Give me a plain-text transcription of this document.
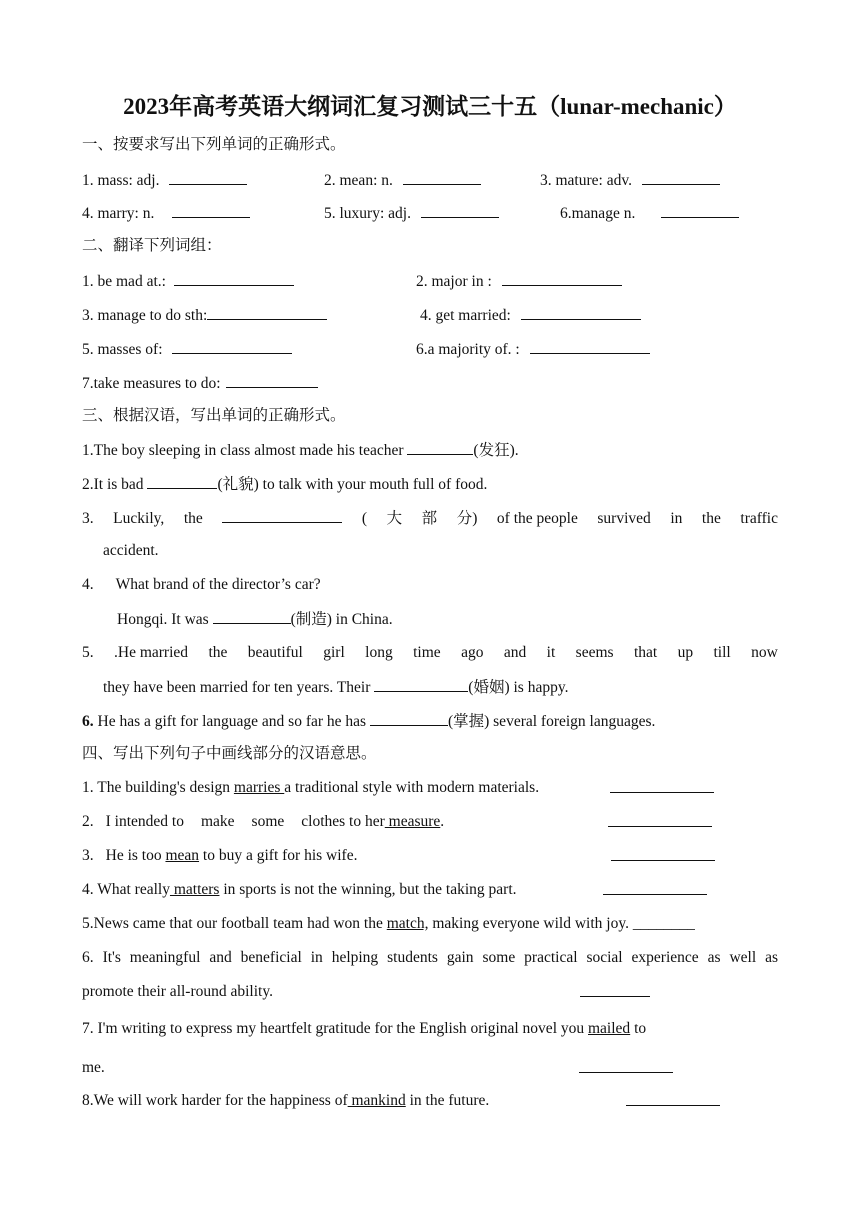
2023年高考英语大纲词汇复习测试三十五（lunar-mechanic）
一、按要求写出下列单词的正确形式。
1. mass: adj.	2. mean: n.	3. mature: adv.
4. marry: n.	5. luxury: adj.	6.manage n.
二、翻译下列词组：
1. be mad at.:	2. major in :
3. manage to do sth:	4. get married:
5. masses of:	6.a majority of. :
7.take measures to do:
三、根据汉语，写出单词的正确形式。
1.The boy sleeping in class almost made his teacher	(发狂).
2.It is bad	(礼貌) to talk with your mouth full of food.
3. Luckily, the	( 大 部 分) of the people survived in the traffic
accident.
4. What brand of the director’s car?
Hongqi. It was	(制造) in China.
5. .He married the beautiful girl long time ago and it seems that up till now
they have been married for ten years. Their	(婚姻) is happy.
6. He has a gift for language and so far he has	(掌握) several foreign languages.
四、写出下列句子中画线部分的汉语意思。
1. The building's design marries a traditional style with modern materials.
2. I intended to make some clothes to her measure .
3. He is too mean to buy a gift for his wife.
4. What really matters in sports is not the winning, but the taking part.
5.News came that our football team had won the match, making everyone wild with joy. ________
6. It's meaningful and beneficial in helping students gain some practical social experience as well as
promote their all-round ability.
7. I'm writing to express my heartfelt gratitude for the English original novel you mailed to
me.
8.We will work harder for the happiness of mankind in the future.
